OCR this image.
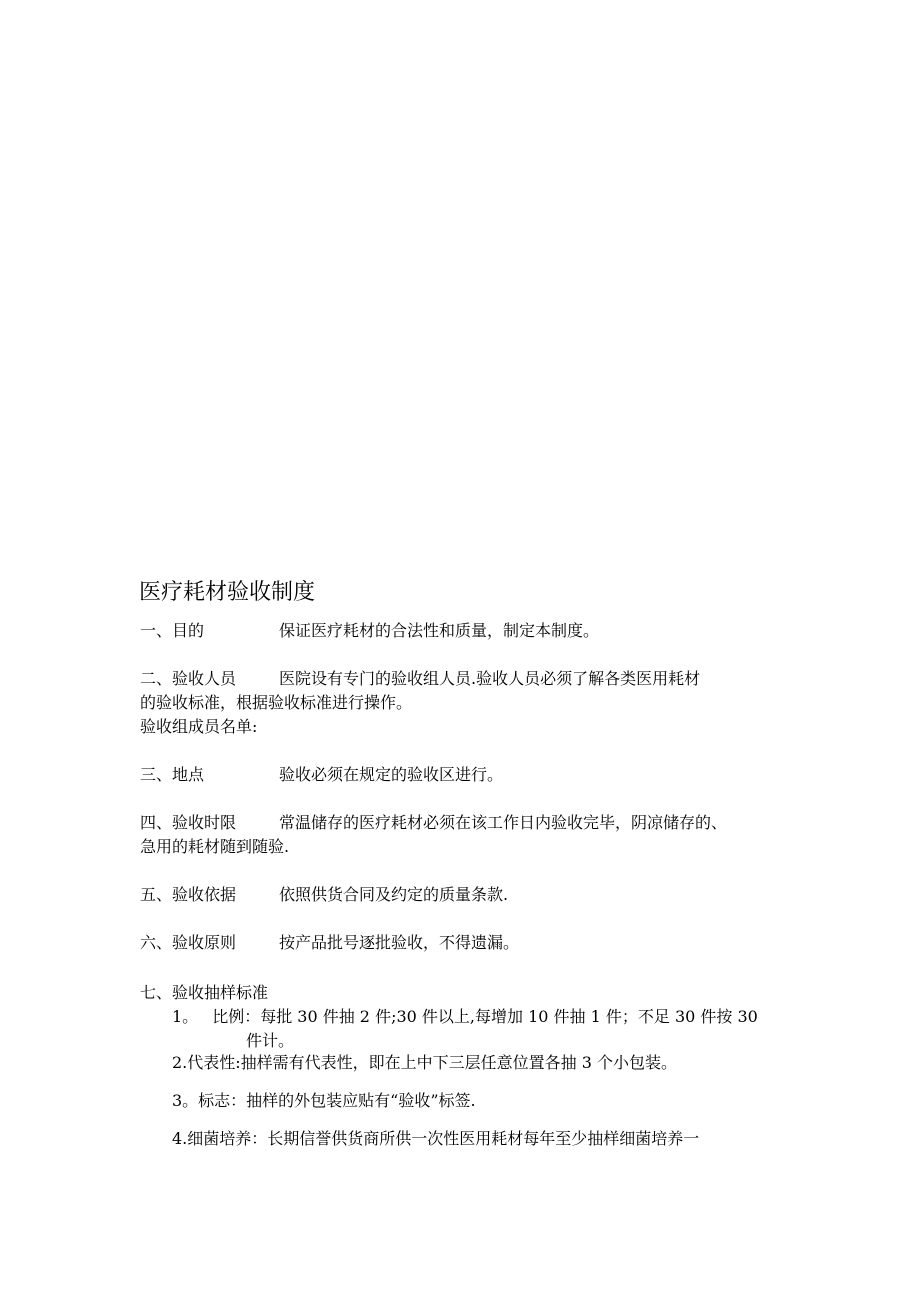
医疗耗材验收制度
一、目的	保证医疗耗材的合法性和质量，制定本制度。
二、验收人员	医院设有专门的验收组人员.验收人员必须了解各类医用耗材
的验收标准，根据验收标准进行操作。
验收组成员名单:
三、地点	验收必须在规定的验收区进行。
四、验收时限	常温储存的医疗耗材必须在该工作日内验收完毕，阴凉储存的、
急用的耗材随到随验.
五、验收依据	依照供货合同及约定的质量条款.
六、验收原则	按产品批号逐批验收，不得遗漏。
七、验收抽样标准
1。 比例：每批 30 件抽 2 件;30 件以上,每增加 10 件抽 1 件；不足 30 件按 30
件计。
2.代表性:抽样需有代表性，即在上中下三层任意位置各抽 3 个小包装。
3。标志：抽样的外包装应贴有“验收”标签.
4.细菌培养：长期信誉供货商所供一次性医用耗材每年至少抽样细菌培养一
